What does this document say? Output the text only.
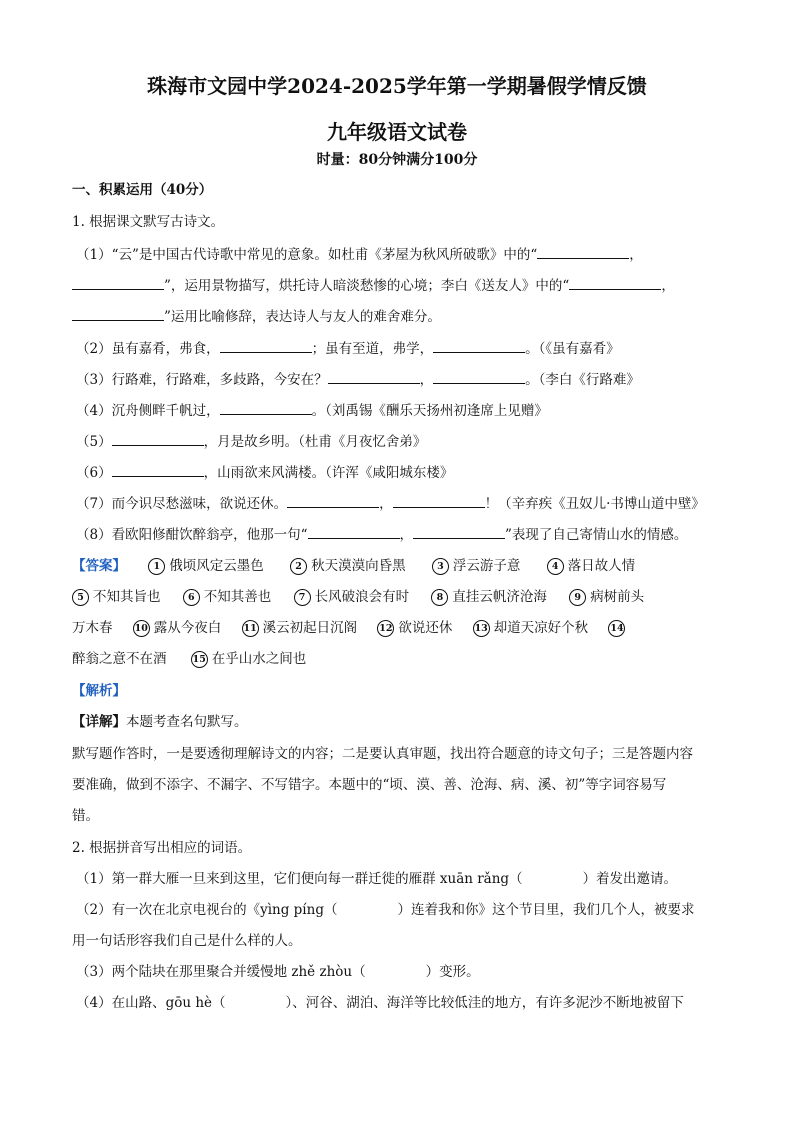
珠海市文园中学2024-2025学年第一学期暑假学情反馈
九年级语文试卷
时量：80分钟满分100分
一、积累运用（40分）
1. 根据课文默写古诗文。
（1）“云”是中国古代诗歌中常见的意象。如杜甫《茅屋为秋风所破歌》中的“	，
”，运用景物描写，烘托诗人暗淡愁惨的心境；李白《送友人》中的“	，
”运用比喻修辞，表达诗人与友人的难舍难分。
（2）虽有嘉肴，弗食，	；虽有至道，弗学，	。（《虽有嘉肴》
（3）行路难，行路难，多歧路，今安在？	，	。（李白《行路难》
（4）沉舟侧畔千帆过，	。（刘禹锡《酬乐天扬州初逢席上见赠》
（5）	，月是故乡明。（杜甫《月夜忆舍弟》
（6）	，山雨欲来风满楼。（许浑《咸阳城东楼》
（7）而今识尽愁滋味，欲说还休。	，	！（辛弃疾《丑奴儿·书博山道中壁》
（8）看欧阳修酣饮醉翁亭，他那一句“	，	”表现了自己寄情山水的情感。
【答案】	1 俄顷风定云墨色	2 秋天漠漠向昏黑	3 浮云游子意	4 落日故人情
5 不知其旨也	6 不知其善也	7 长风破浪会有时	8 直挂云帆济沧海	9 病树前头
万木春 10 露从今夜白 11 溪云初起日沉阁 12 欲说还休 13 却道天凉好个秋 14
醉翁之意不在酒	15 在乎山水之间也
【解析】
【详解】本题考查名句默写。
默写题作答时，一是要透彻理解诗文的内容；二是要认真审题，找出符合题意的诗文句子；三是答题内容
要准确，做到不添字、不漏字、不写错字。本题中的“顷、漠、善、沧海、病、溪、初”等字词容易写
错。
2. 根据拼音写出相应的词语。
（1）第一群大雁一旦来到这里，它们便向每一群迁徙的雁群 xuān rǎng（	）着发出邀请。
（2）有一次在北京电视台的《yìng píng（	）连着我和你》这个节目里，我们几个人，被要求
用一句话形容我们自己是什么样的人。
（3）两个陆块在那里聚合并缓慢地 zhě zhòu（	）变形。
（4）在山路、gōu hè（	）、河谷、湖泊、海洋等比较低洼的地方，有许多泥沙不断地被留下
